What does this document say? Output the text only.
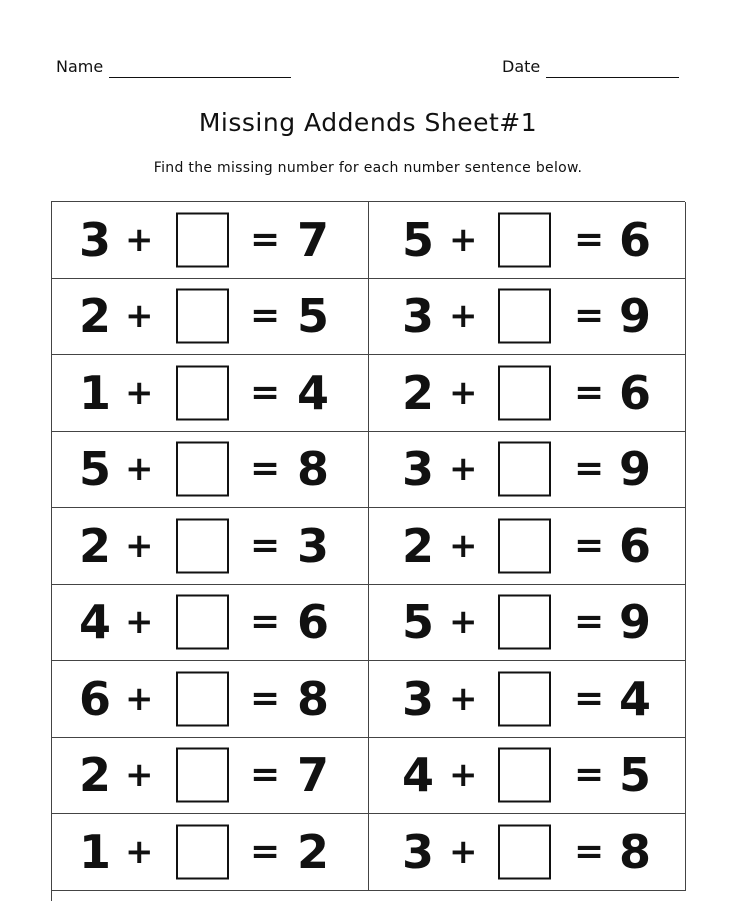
Name	Date
Missing Addends Sheet#1
Find the missing number for each number sentence below.
3 +	= 7 5 +	= 6
2 +	= 5 3 +	= 9
1 +	= 4 2 +	= 6
5 +	= 8 3 +	= 9
2 +	= 3 2 +	= 6
4 +	= 6 5 +	= 9
6 +	= 8 3 +	= 4
2 +	= 7 4 +	= 5
1 +	= 2 3 +	= 8
